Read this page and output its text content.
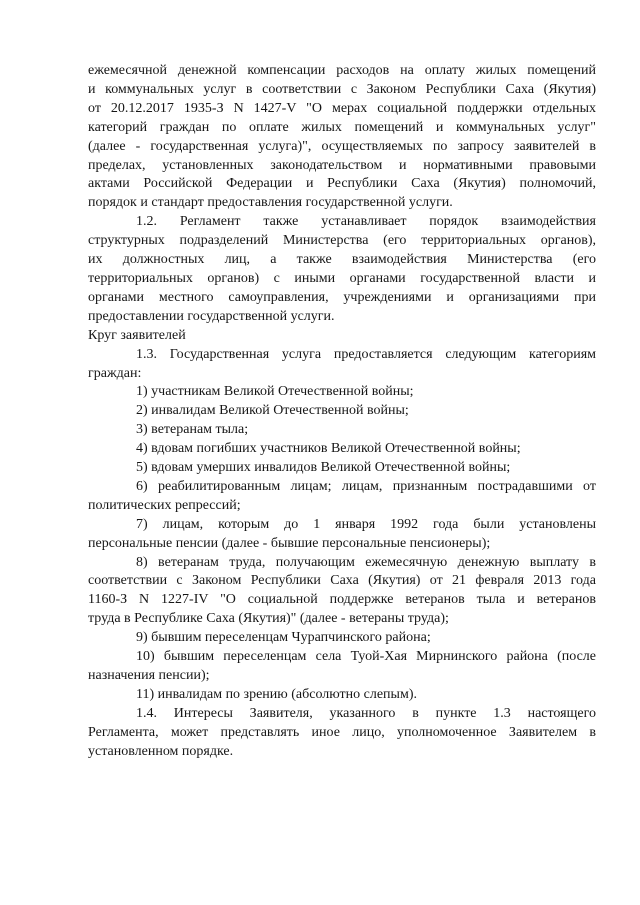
ежемесячной денежной компенсации расходов на оплату жилых помещений

и коммунальных услуг в соответствии с Законом Республики Саха (Якутия)

от 20.12.2017 1935-З N 1427-V "О мерах социальной поддержки отдельных

категорий граждан по оплате жилых помещений и коммунальных услуг"

(далее - государственная услуга)", осуществляемых по запросу заявителей в

пределах, установленных законодательством и нормативными правовыми

актами Российской Федерации и Республики Саха (Якутия) полномочий,

порядок и стандарт предоставления государственной услуги.

1.2. Регламент также устанавливает порядок взаимодействия

структурных подразделений Министерства (его территориальных органов),

их должностных лиц, а также взаимодействия Министерства (его

территориальных органов) с иными органами государственной власти и

органами местного самоуправления, учреждениями и организациями при

предоставлении государственной услуги.

Круг заявителей

1.3. Государственная услуга предоставляется следующим категориям

граждан:

1) участникам Великой Отечественной войны;

2) инвалидам Великой Отечественной войны;

3) ветеранам тыла;

4) вдовам погибших участников Великой Отечественной войны;

5) вдовам умерших инвалидов Великой Отечественной войны;

6) реабилитированным лицам; лицам, признанным пострадавшими от

политических репрессий;

7) лицам, которым до 1 января 1992 года были установлены

персональные пенсии (далее - бывшие персональные пенсионеры);

8) ветеранам труда, получающим ежемесячную денежную выплату в

соответствии с Законом Республики Саха (Якутия) от 21 февраля 2013 года

1160-З N 1227-IV "О социальной поддержке ветеранов тыла и ветеранов

труда в Республике Саха (Якутия)" (далее - ветераны труда);

9) бывшим переселенцам Чурапчинского района;

10) бывшим переселенцам села Туой-Хая Мирнинского района (после

назначения пенсии);

11) инвалидам по зрению (абсолютно слепым).

1.4. Интересы Заявителя, указанного в пункте 1.3 настоящего

Регламента, может представлять иное лицо, уполномоченное Заявителем в

установленном порядке.
